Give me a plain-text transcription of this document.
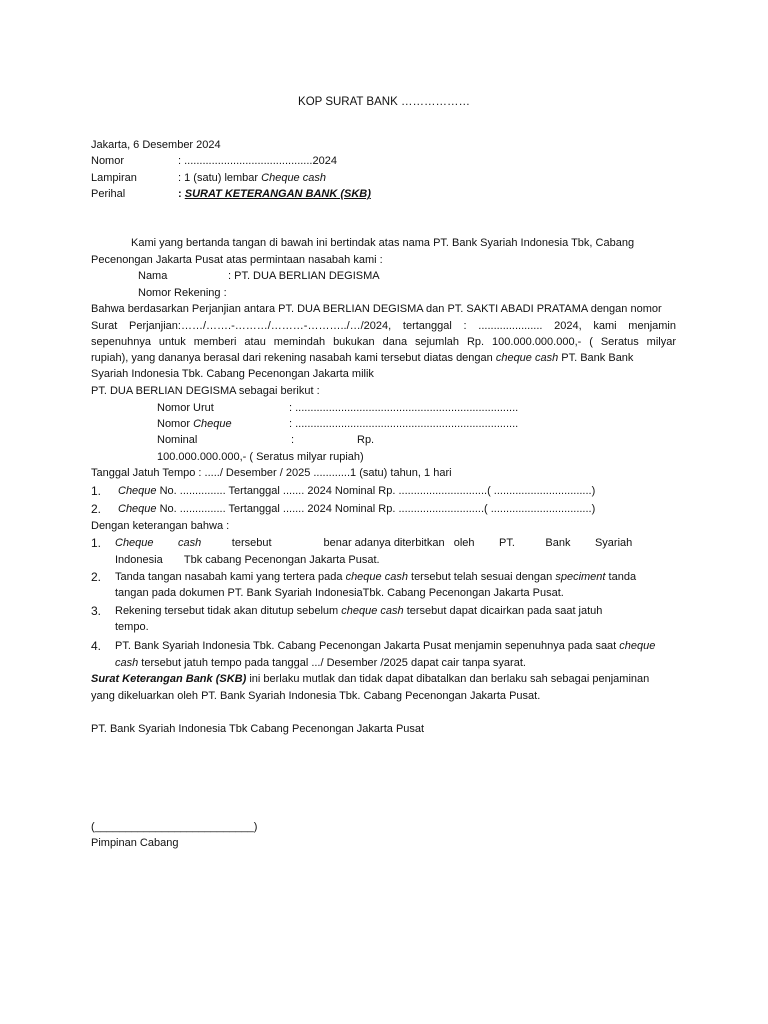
KOP SURAT BANK ………………
Jakarta, 6 Desember 2024
Nomor	: ..........................................2024
Lampiran	: 1 (satu) lembar Cheque cash
Perihal	: SURAT KETERANGAN BANK (SKB)
Kami yang bertanda tangan di bawah ini bertindak atas nama PT. Bank Syariah Indonesia Tbk, Cabang
Pecenongan Jakarta Pusat atas permintaan nasabah kami :
Nama	: PT. DUA BERLIAN DEGISMA
Nomor Rekening :
Bahwa berdasarkan Perjanjian antara PT. DUA BERLIAN DEGISMA dan PT. SAKTI ABADI PRATAMA dengan nomor
Surat Perjanjian:……/…….-………/………-………../…/2024, tertanggal : ..................... 2024, kami menjamin
sepenuhnya untuk memberi atau memindah bukukan dana sejumlah Rp. 100.000.000.000,- ( Seratus milyar
rupiah), yang dananya berasal dari rekening nasabah kami tersebut diatas dengan cheque cash PT. Bank Bank
Syariah Indonesia Tbk. Cabang Pecenongan Jakarta milik
PT. DUA BERLIAN DEGISMA sebagai berikut :
Nomor Urut	: .........................................................................
Nomor Cheque	: .........................................................................
Nominal	:	Rp.
100.000.000.000,- ( Seratus milyar rupiah)
Tanggal Jatuh Tempo : ...../ Desember / 2025 ............1 (satu) tahun, 1 hari
1. Cheque No. ............... Tertanggal ....... 2024 Nominal Rp. .............................( ................................)
2. Cheque No. ............... Tertanggal ....... 2024 Nominal Rp. ............................( .................................)
Dengan keterangan bahwa :
1. Cheque        cash          tersebut                 benar adanya diterbitkan   oleh        PT.          Bank        Syariah
Indonesia       Tbk cabang Pecenongan Jakarta Pusat.
2. Tanda tangan nasabah kami yang tertera pada cheque cash tersebut telah sesuai dengan speciment tanda
tangan pada dokumen PT. Bank Syariah IndonesiaTbk. Cabang Pecenongan Jakarta Pusat.
3. Rekening tersebut tidak akan ditutup sebelum cheque cash tersebut dapat dicairkan pada saat jatuh
tempo.
4. PT. Bank Syariah Indonesia Tbk. Cabang Pecenongan Jakarta Pusat menjamin sepenuhnya pada saat cheque
cash tersebut jatuh tempo pada tanggal .../ Desember /2025 dapat cair tanpa syarat.
Surat Keterangan Bank (SKB) ini berlaku mutlak dan tidak dapat dibatalkan dan berlaku sah sebagai penjaminan
yang dikeluarkan oleh PT. Bank Syariah Indonesia Tbk. Cabang Pecenongan Jakarta Pusat.
PT. Bank Syariah Indonesia Tbk Cabang Pecenongan Jakarta Pusat
(__________________________)
Pimpinan Cabang
